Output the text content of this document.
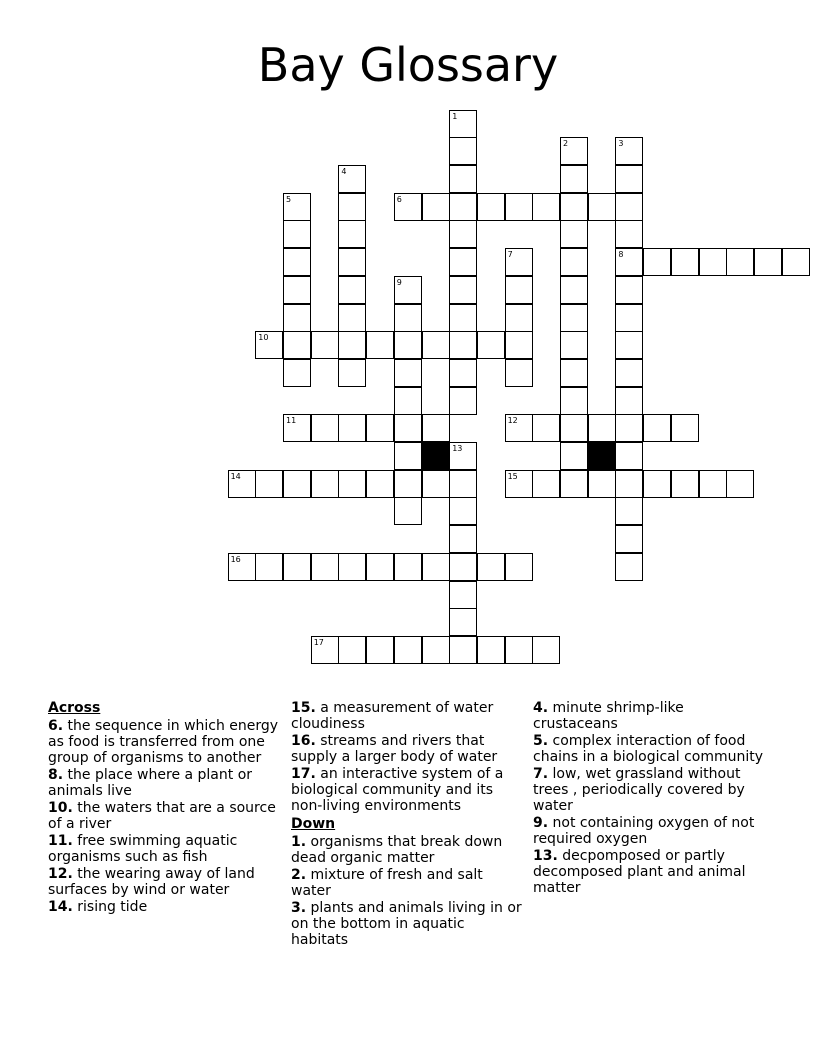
Bay Glossary
1
2	3
8
4
5	6
7
9
10
11	12
13
14	15
16
17
Across
6. the sequence in which energy as food is transferred from one group of organisms to another
8. the place where a plant or animals live
10. the waters that are a source of a river
11. free swimming aquatic organisms such as fish
12. the wearing away of land surfaces by wind or water
14. rising tide
15. a measurement of water cloudiness
16. streams and rivers that supply a larger body of water
17. an interactive system of a biological community and its non-living environments
Down
1. organisms that break down dead organic matter
2. mixture of fresh and salt water
3. plants and animals living in or on the bottom in aquatic habitats
4. minute shrimp-like crustaceans
5. complex interaction of food chains in a biological community
7. low, wet grassland without trees , periodically covered by water
9. not containing oxygen of not required oxygen
13. decpomposed or partly decomposed plant and animal matter
